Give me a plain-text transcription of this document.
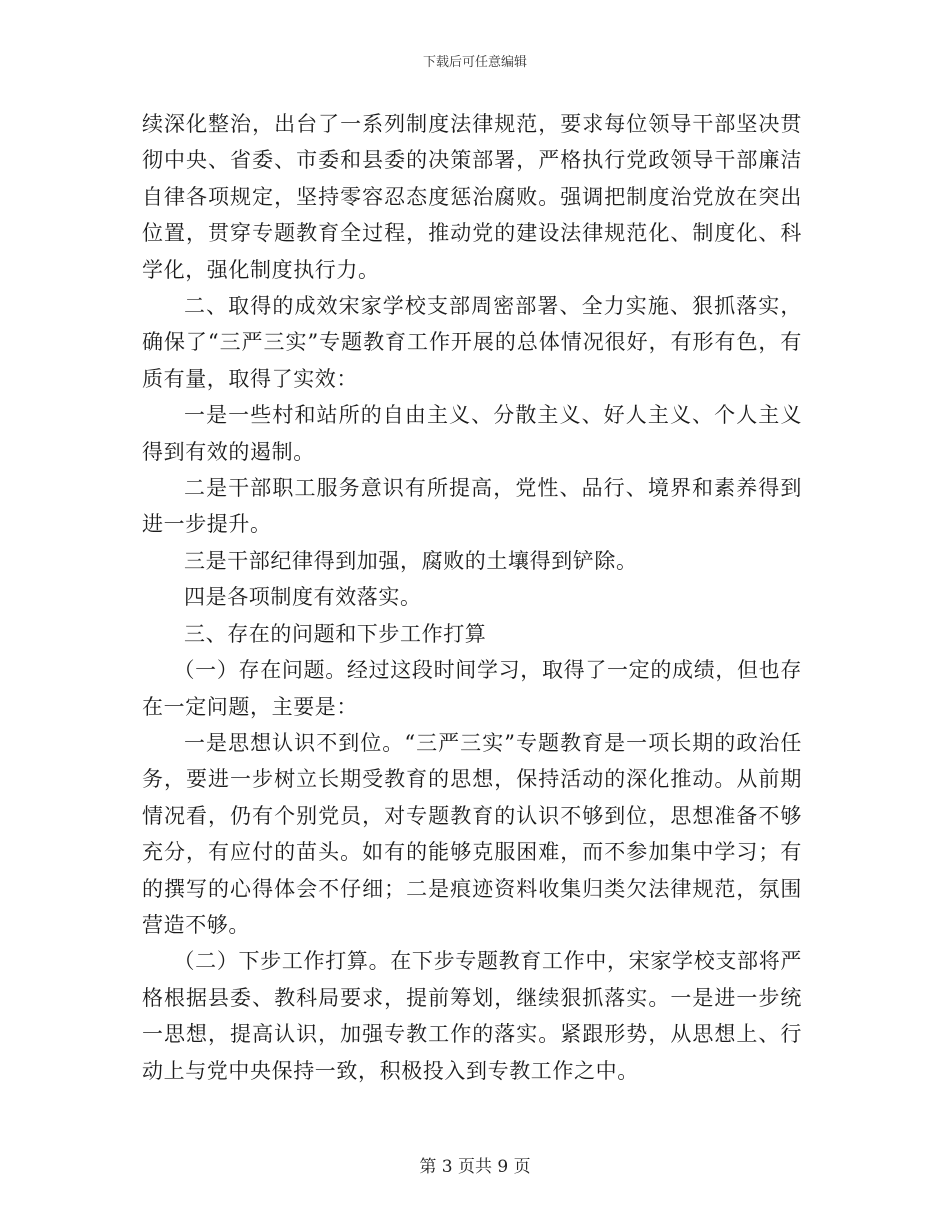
下载后可任意编辑

续深化整治，出台了一系列制度法律规范，要求每位领导干部坚决贯彻中央、省委、市委和县委的决策部署，严格执行党政领导干部廉洁自律各项规定，坚持零容忍态度惩治腐败。强调把制度治党放在突出位置，贯穿专题教育全过程，推动党的建设法律规范化、制度化、科学化，强化制度执行力。

二、取得的成效宋家学校支部周密部署、全力实施、狠抓落实，确保了“三严三实”专题教育工作开展的总体情况很好，有形有色，有质有量，取得了实效：

一是一些村和站所的自由主义、分散主义、好人主义、个人主义得到有效的遏制。

二是干部职工服务意识有所提高，党性、品行、境界和素养得到进一步提升。

三是干部纪律得到加强，腐败的土壤得到铲除。

四是各项制度有效落实。

三、存在的问题和下步工作打算

（一）存在问题。经过这段时间学习，取得了一定的成绩，但也存在一定问题，主要是：

一是思想认识不到位。“三严三实”专题教育是一项长期的政治任务，要进一步树立长期受教育的思想，保持活动的深化推动。从前期情况看，仍有个别党员，对专题教育的认识不够到位，思想准备不够充分，有应付的苗头。如有的能够克服困难，而不参加集中学习；有的撰写的心得体会不仔细；二是痕迹资料收集归类欠法律规范，氛围营造不够。

（二）下步工作打算。在下步专题教育工作中，宋家学校支部将严格根据县委、教科局要求，提前筹划，继续狠抓落实。一是进一步统一思想，提高认识，加强专教工作的落实。紧跟形势，从思想上、行动上与党中央保持一致，积极投入到专教工作之中。

第 3 页共 9 页
